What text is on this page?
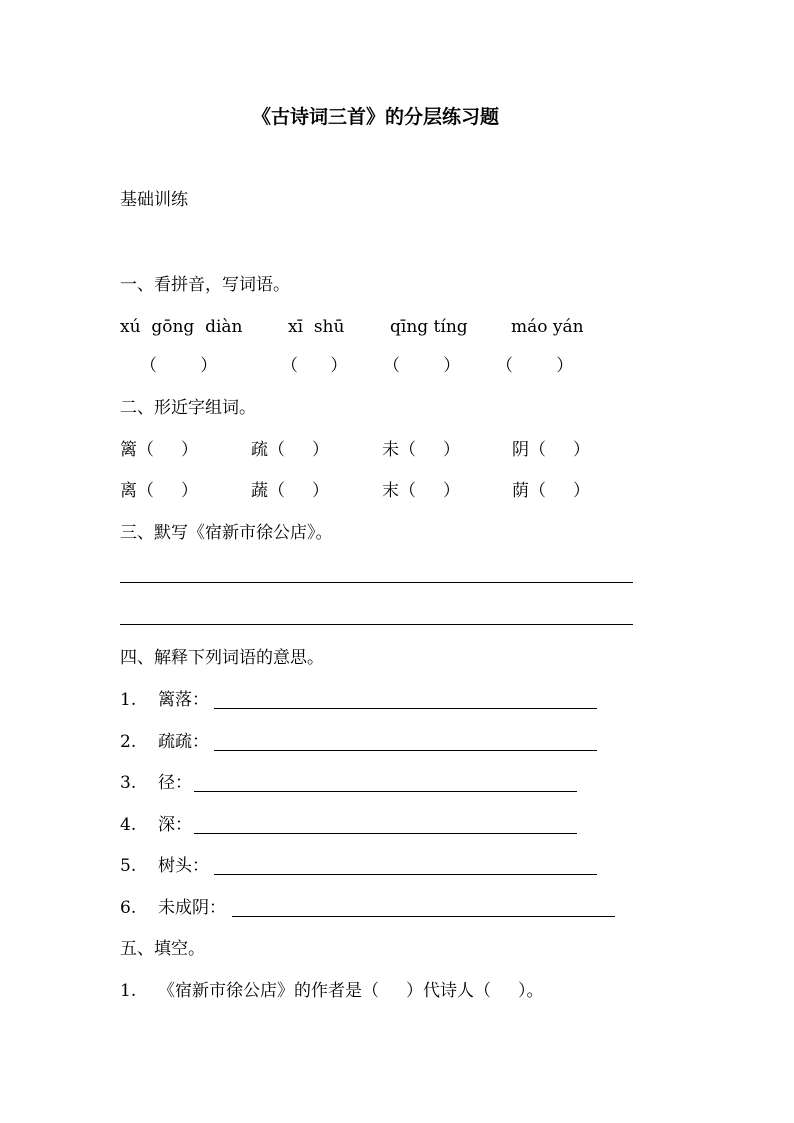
《古诗词三首》的分层练习题
基础训练
一、看拼音，写词语。
xú  gōng  diàn	xī  shū	qīng tíng	máo yán
（        ）	（      ） （        ） （        ）
二、形近字组词。
篱（     ）	疏（     ）	未（     ）	阴（     ）
离（     ）	蔬（     ）	末（     ）	荫（     ）
三、默写《宿新市徐公店》。
四、解释下列词语的意思。
1. 篱落：
2. 疏疏：
3. 径：
4. 深：
5. 树头：
6. 未成阴：
五、填空。
1. 《宿新市徐公店》的作者是（     ）代诗人（     ）。
